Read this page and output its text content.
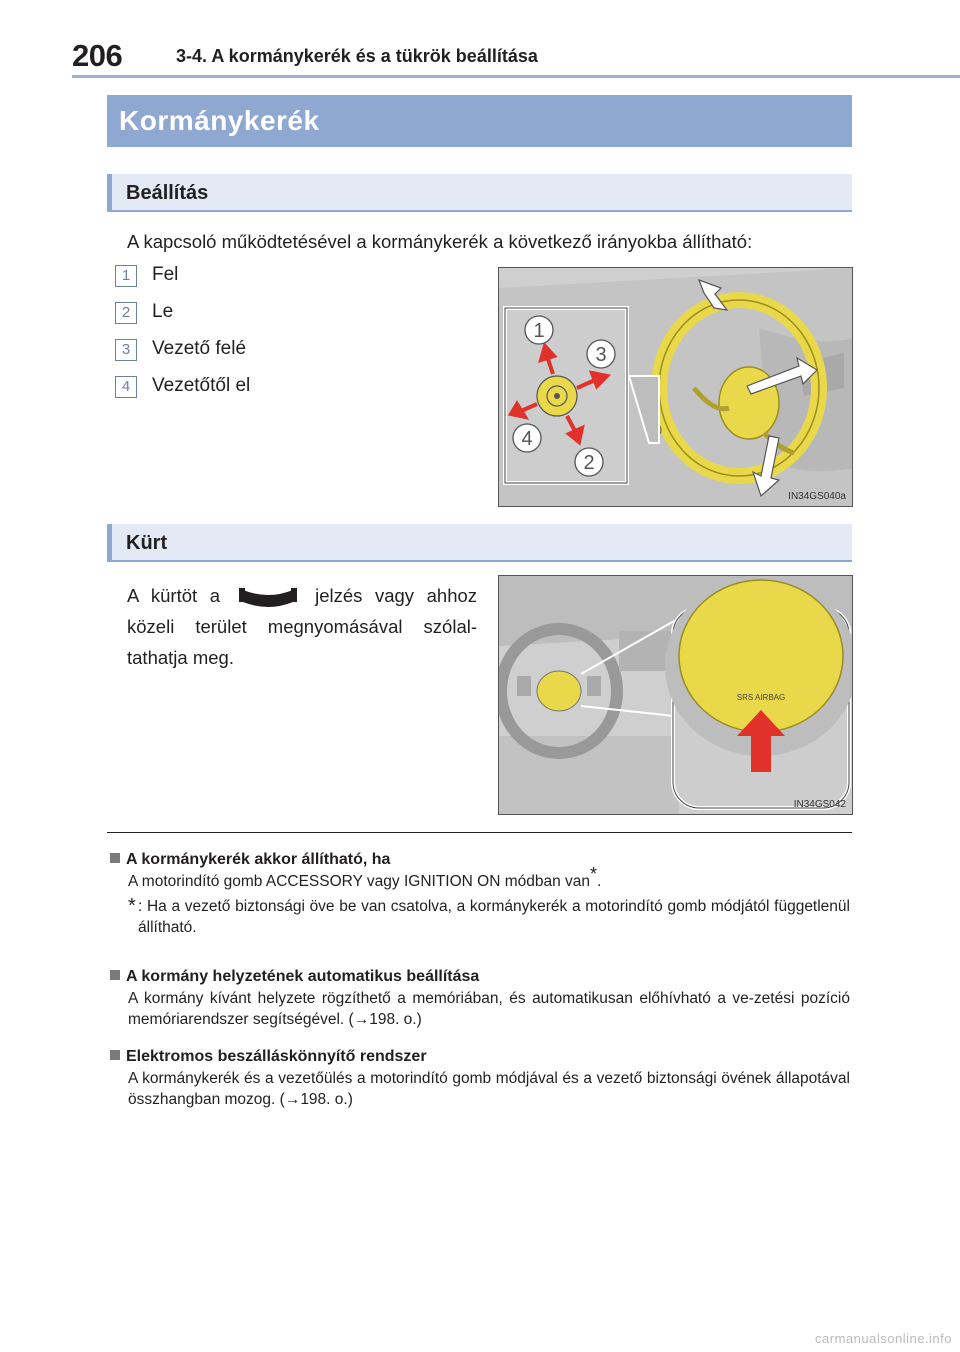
206	3-4. A kormánykerék és a tükrök beállítása
Kormánykerék
Beállítás
A kapcsoló működtetésével a kormánykerék a következő irányokba állítható:
1	Fel
2	Le
3	Vezető felé
4	Vezetőtől el
1
3
4
2
IN34GS040a
Kürt
A kürtöt a	jelzés vagy ahhoz közeli terület megnyomásával szólal-tathatja meg.
SRS AIRBAG
IN34GS042
A kormánykerék akkor állítható, ha
A motorindító gomb ACCESSORY vagy IGNITION ON módban van*.
* : Ha a vezető biztonsági öve be van csatolva, a kormánykerék a motorindító gomb módjától függetlenül állítható.
A kormány helyzetének automatikus beállítása
A kormány kívánt helyzete rögzíthető a memóriában, és automatikusan előhívható a ve-zetési pozíció memóriarendszer segítségével. (→198. o.)
Elektromos beszálláskönnyítő rendszer
A kormánykerék és a vezetőülés a motorindító gomb módjával és a vezető biztonsági övének állapotával összhangban mozog. (→198. o.)
carmanualsonline.info
